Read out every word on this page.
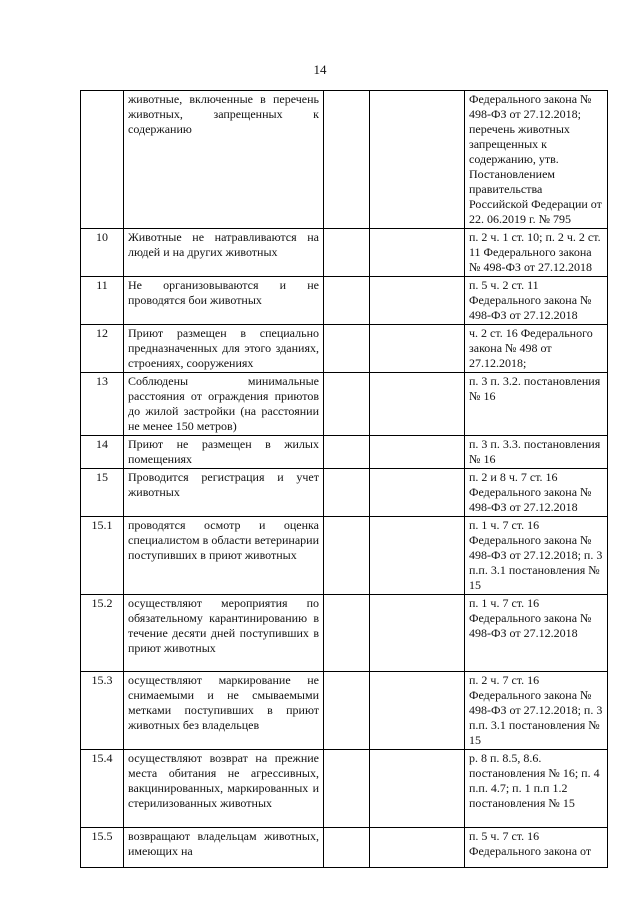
14
	животные, включенные в перечень животных, запрещенных к содержанию			Федерального закона № 498-ФЗ от 27.12.2018; перечень животных запрещенных к содержанию, утв. Постановлением правительства Российской Федерации от 22. 06.2019 г. № 795
10	Животные не натравливаются на людей и на других животных			п. 2 ч. 1 ст. 10; п. 2 ч. 2 ст. 11 Федерального закона № 498-ФЗ от 27.12.2018
11	Не организовываются и не проводятся бои животных			п. 5 ч. 2 ст. 11 Федерального закона № 498-ФЗ от 27.12.2018
12	Приют размещен в специально предназначенных для этого зданиях, строениях, сооружениях			ч. 2 ст. 16 Федерального закона № 498 от 27.12.2018;
13	Соблюдены минимальные расстояния от ограждения приютов до жилой застройки (на расстоянии не менее 150 метров)			п. 3 п. 3.2. постановления № 16
14	Приют не размещен в жилых помещениях			п. 3 п. 3.3. постановления № 16
15	Проводится регистрация и учет животных			п. 2 и 8 ч. 7 ст. 16 Федерального закона № 498-ФЗ от 27.12.2018
15.1	проводятся осмотр и оценка специалистом в области ветеринарии поступивших в приют животных			п. 1 ч. 7 ст. 16 Федерального закона № 498-ФЗ от 27.12.2018; п. 3 п.п. 3.1 постановления № 15
15.2	осуществляют мероприятия по обязательному карантинированию в течение десяти дней поступивших в приют животных			п. 1 ч. 7 ст. 16 Федерального закона № 498-ФЗ от 27.12.2018
15.3	осуществляют маркирование не снимаемыми и не смываемыми метками поступивших в приют животных без владельцев			п. 2 ч. 7 ст. 16 Федерального закона № 498-ФЗ от 27.12.2018; п. 3 п.п. 3.1 постановления № 15
15.4	осуществляют возврат на прежние места обитания не агрессивных, вакцинированных, маркированных и стерилизованных животных			р. 8 п. 8.5, 8.6. постановления № 16; п. 4 п.п. 4.7; п. 1 п.п 1.2 постановления № 15
15.5	возвращают владельцам животных, имеющих на			п. 5 ч. 7 ст. 16 Федерального закона от
